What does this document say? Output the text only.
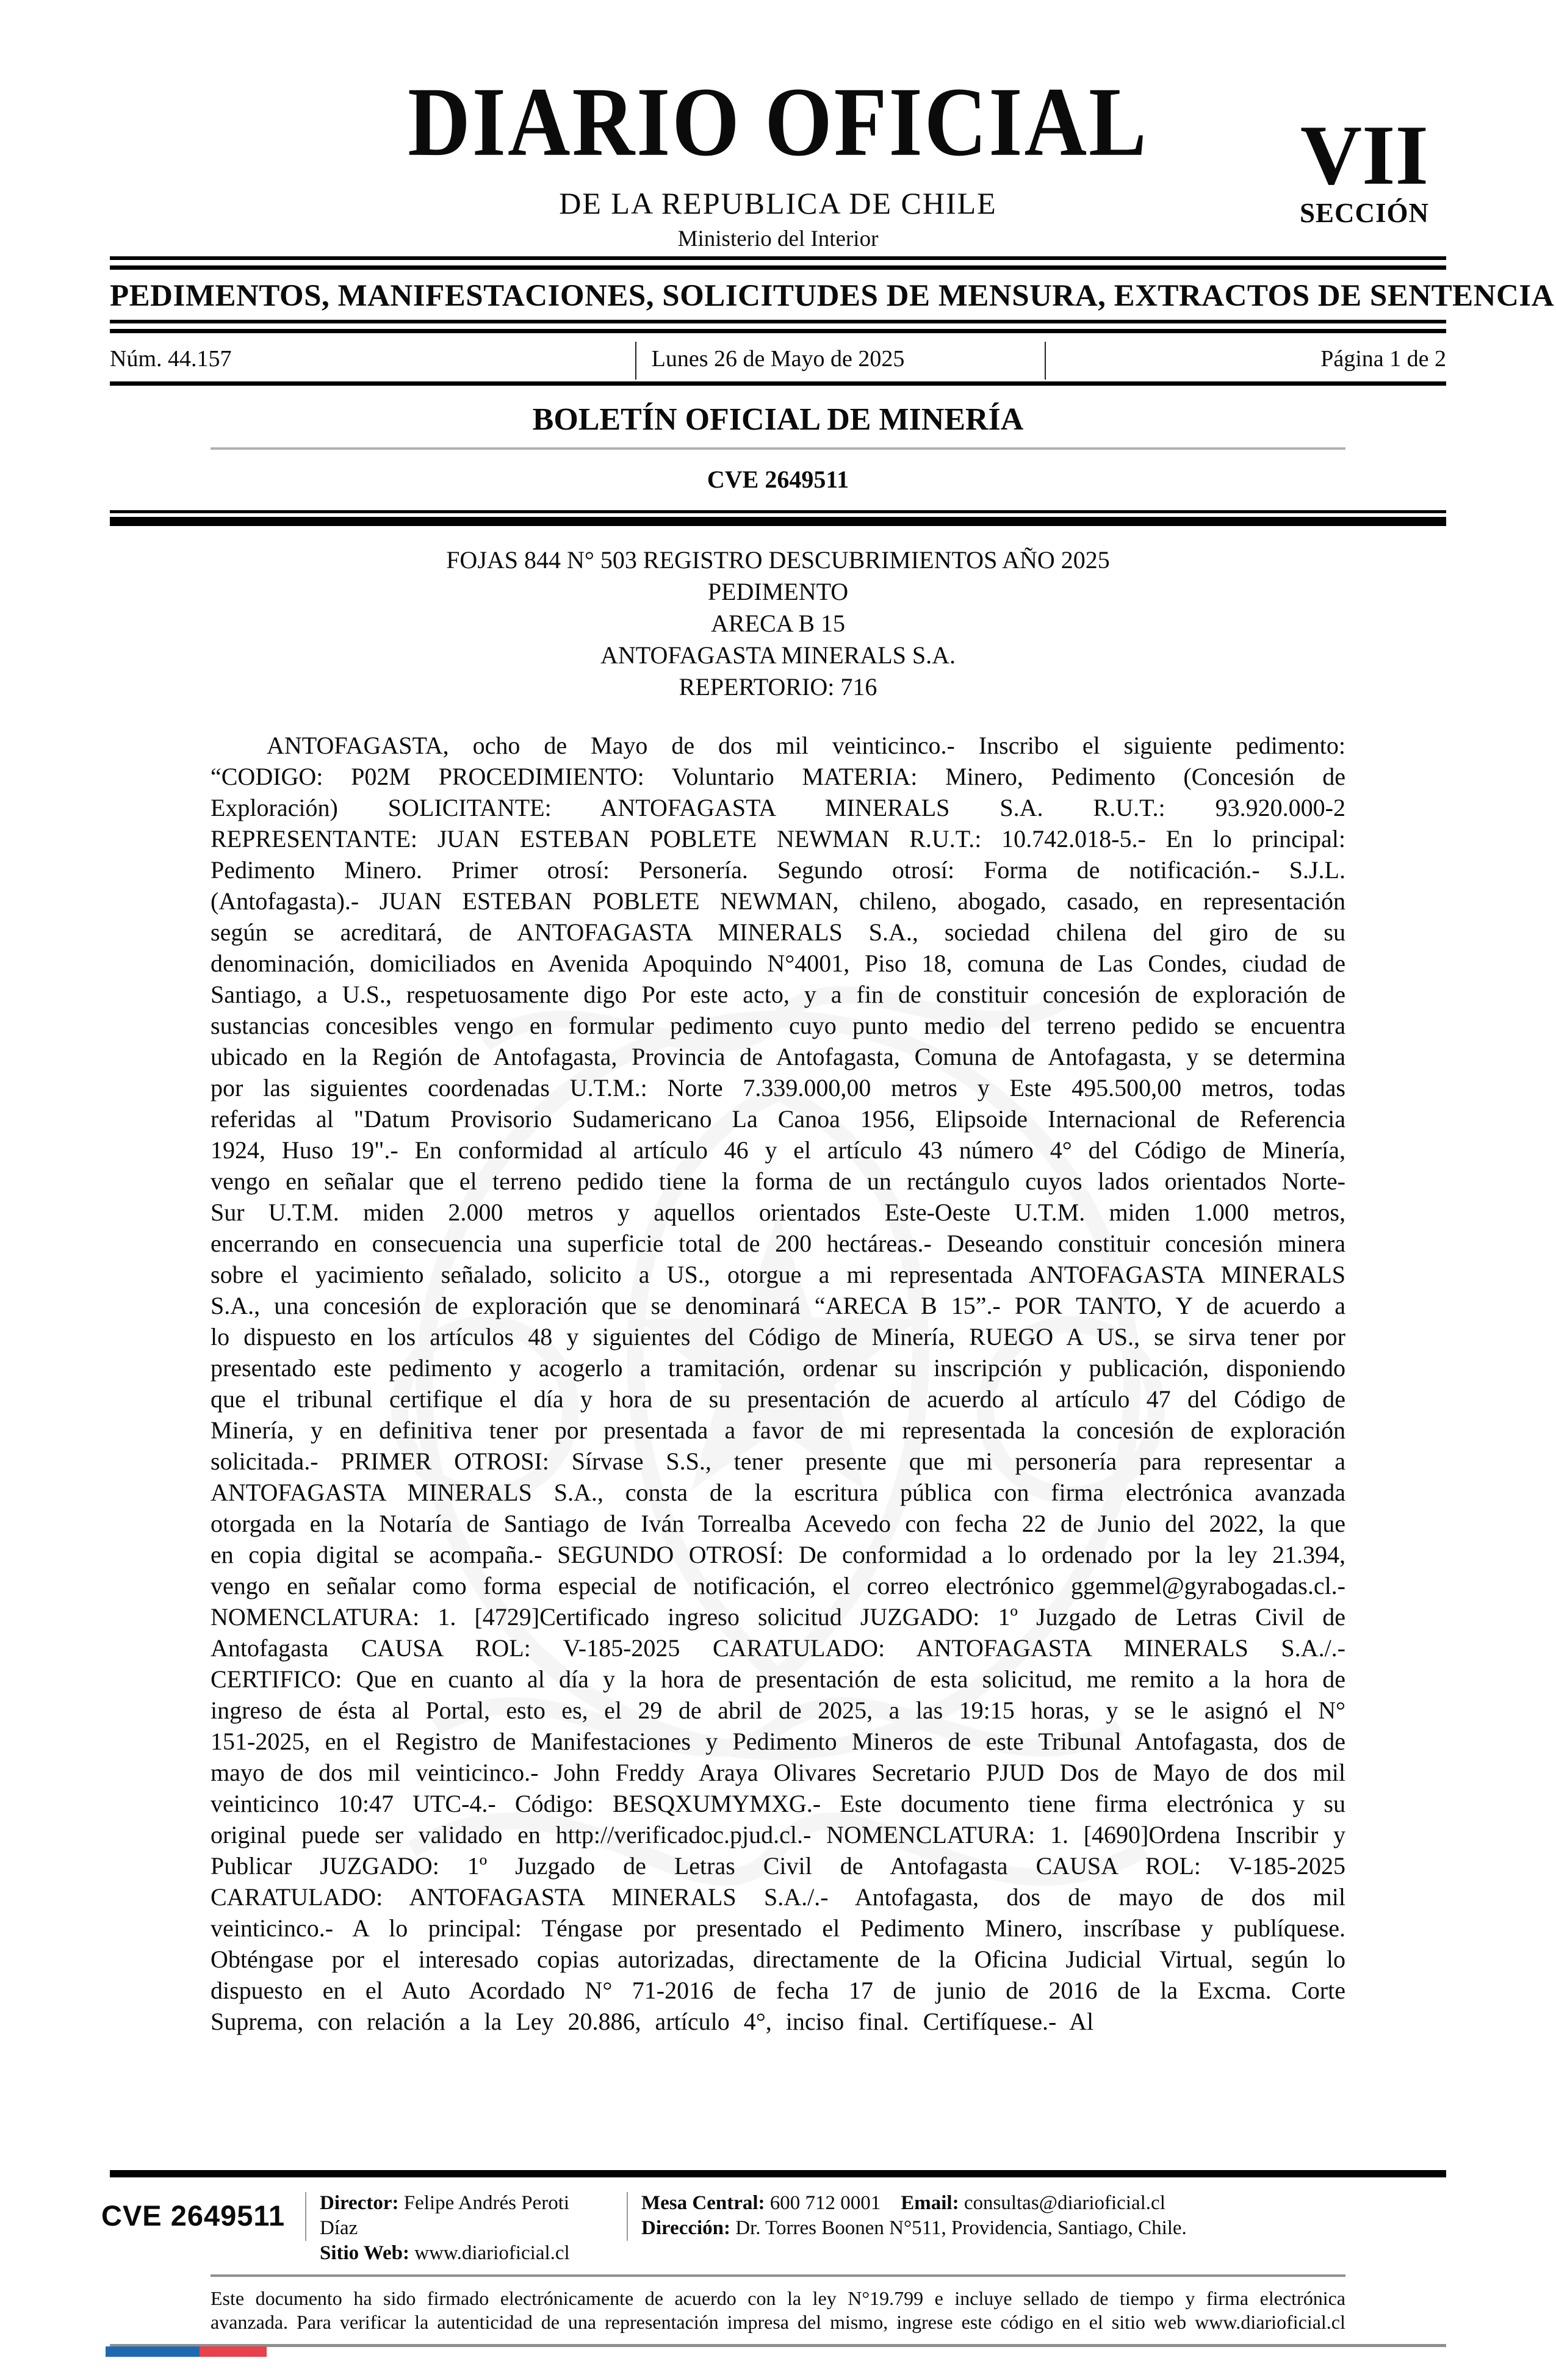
DIARIO OFICIAL
DE LA REPUBLICA DE CHILE
Ministerio del Interior
VII
SECCIÓN
PEDIMENTOS, MANIFESTACIONES, SOLICITUDES DE MENSURA, EXTRACTOS DE SENTENCIA
Núm. 44.157	Lunes 26 de Mayo de 2025	Página 1 de 2
BOLETÍN OFICIAL DE MINERÍA
CVE 2649511
FOJAS 844 N° 503 REGISTRO DESCUBRIMIENTOS AÑO 2025
PEDIMENTO
ARECA B 15
ANTOFAGASTA MINERALS S.A.
REPERTORIO: 716

ANTOFAGASTA, ocho de Mayo de dos mil veinticinco.- Inscribo el siguiente pedimento: “CODIGO: P02M PROCEDIMIENTO: Voluntario MATERIA: Minero, Pedimento (Concesión de Exploración) SOLICITANTE: ANTOFAGASTA MINERALS S.A. R.U.T.: 93.920.000-2 REPRESENTANTE: JUAN ESTEBAN POBLETE NEWMAN R.U.T.: 10.742.018-5.- En lo principal: Pedimento Minero. Primer otrosí: Personería. Segundo otrosí: Forma de notificación.- S.J.L. (Antofagasta).- JUAN ESTEBAN POBLETE NEWMAN, chileno, abogado, casado, en representación según se acreditará, de ANTOFAGASTA MINERALS S.A., sociedad chilena del giro de su denominación, domiciliados en Avenida Apoquindo N°4001, Piso 18, comuna de Las Condes, ciudad de Santiago, a U.S., respetuosamente digo Por este acto, y a fin de constituir concesión de exploración de sustancias concesibles vengo en formular pedimento cuyo punto medio del terreno pedido se encuentra ubicado en la Región de Antofagasta, Provincia de Antofagasta, Comuna de Antofagasta, y se determina por las siguientes coordenadas U.T.M.: Norte 7.339.000,00 metros y Este 495.500,00 metros, todas referidas al "Datum Provisorio Sudamericano La Canoa 1956, Elipsoide Internacional de Referencia 1924, Huso 19".- En conformidad al artículo 46 y el artículo 43 número 4° del Código de Minería, vengo en señalar que el terreno pedido tiene la forma de un rectángulo cuyos lados orientados Norte-Sur U.T.M. miden 2.000 metros y aquellos orientados Este-Oeste U.T.M. miden 1.000 metros, encerrando en consecuencia una superficie total de 200 hectáreas.- Deseando constituir concesión minera sobre el yacimiento señalado, solicito a US., otorgue a mi representada ANTOFAGASTA MINERALS S.A., una concesión de exploración que se denominará “ARECA B 15”.- POR TANTO, Y de acuerdo a lo dispuesto en los artículos 48 y siguientes del Código de Minería, RUEGO A US., se sirva tener por presentado este pedimento y acogerlo a tramitación, ordenar su inscripción y publicación, disponiendo que el tribunal certifique el día y hora de su presentación de acuerdo al artículo 47 del Código de Minería, y en definitiva tener por presentada a favor de mi representada la concesión de exploración solicitada.- PRIMER OTROSI: Sírvase S.S., tener presente que mi personería para representar a ANTOFAGASTA MINERALS S.A., consta de la escritura pública con firma electrónica avanzada otorgada en la Notaría de Santiago de Iván Torrealba Acevedo con fecha 22 de Junio del 2022, la que en copia digital se acompaña.- SEGUNDO OTROSÍ: De conformidad a lo ordenado por la ley 21.394, vengo en señalar como forma especial de notificación, el correo electrónico ggemmel@gyrabogadas.cl.- NOMENCLATURA: 1. [4729]Certificado ingreso solicitud JUZGADO: 1º Juzgado de Letras Civil de Antofagasta CAUSA ROL: V-185-2025 CARATULADO: ANTOFAGASTA MINERALS S.A./.- CERTIFICO: Que en cuanto al día y la hora de presentación de esta solicitud, me remito a la hora de ingreso de ésta al Portal, esto es, el 29 de abril de 2025, a las 19:15 horas, y se le asignó el N° 151-2025, en el Registro de Manifestaciones y Pedimento Mineros de este Tribunal Antofagasta, dos de mayo de dos mil veinticinco.- John Freddy Araya Olivares Secretario PJUD Dos de Mayo de dos mil veinticinco 10:47 UTC-4.- Código: BESQXUMYMXG.- Este documento tiene firma electrónica y su original puede ser validado en http://verificadoc.pjud.cl.- NOMENCLATURA: 1. [4690]Ordena Inscribir y Publicar JUZGADO: 1º Juzgado de Letras Civil de Antofagasta CAUSA ROL: V-185-2025 CARATULADO: ANTOFAGASTA MINERALS S.A./.- Antofagasta, dos de mayo de dos mil veinticinco.- A lo principal: Téngase por presentado el Pedimento Minero, inscríbase y publíquese. Obténgase por el interesado copias autorizadas, directamente de la Oficina Judicial Virtual, según lo dispuesto en el Auto Acordado N° 71-2016 de fecha 17 de junio de 2016 de la Excma. Corte Suprema, con relación a la Ley 20.886, artículo 4°, inciso final. Certifíquese.- Al

CVE 2649511	Director: Felipe Andrés Peroti Díaz
Sitio Web: www.diarioficial.cl
Mesa Central: 600 712 0001 Email: consultas@diarioficial.cl
Dirección: Dr. Torres Boonen N°511, Providencia, Santiago, Chile.

Este documento ha sido firmado electrónicamente de acuerdo con la ley N°19.799 e incluye sellado de tiempo y firma electrónica avanzada. Para verificar la autenticidad de una representación impresa del mismo, ingrese este código en el sitio web www.diarioficial.cl
